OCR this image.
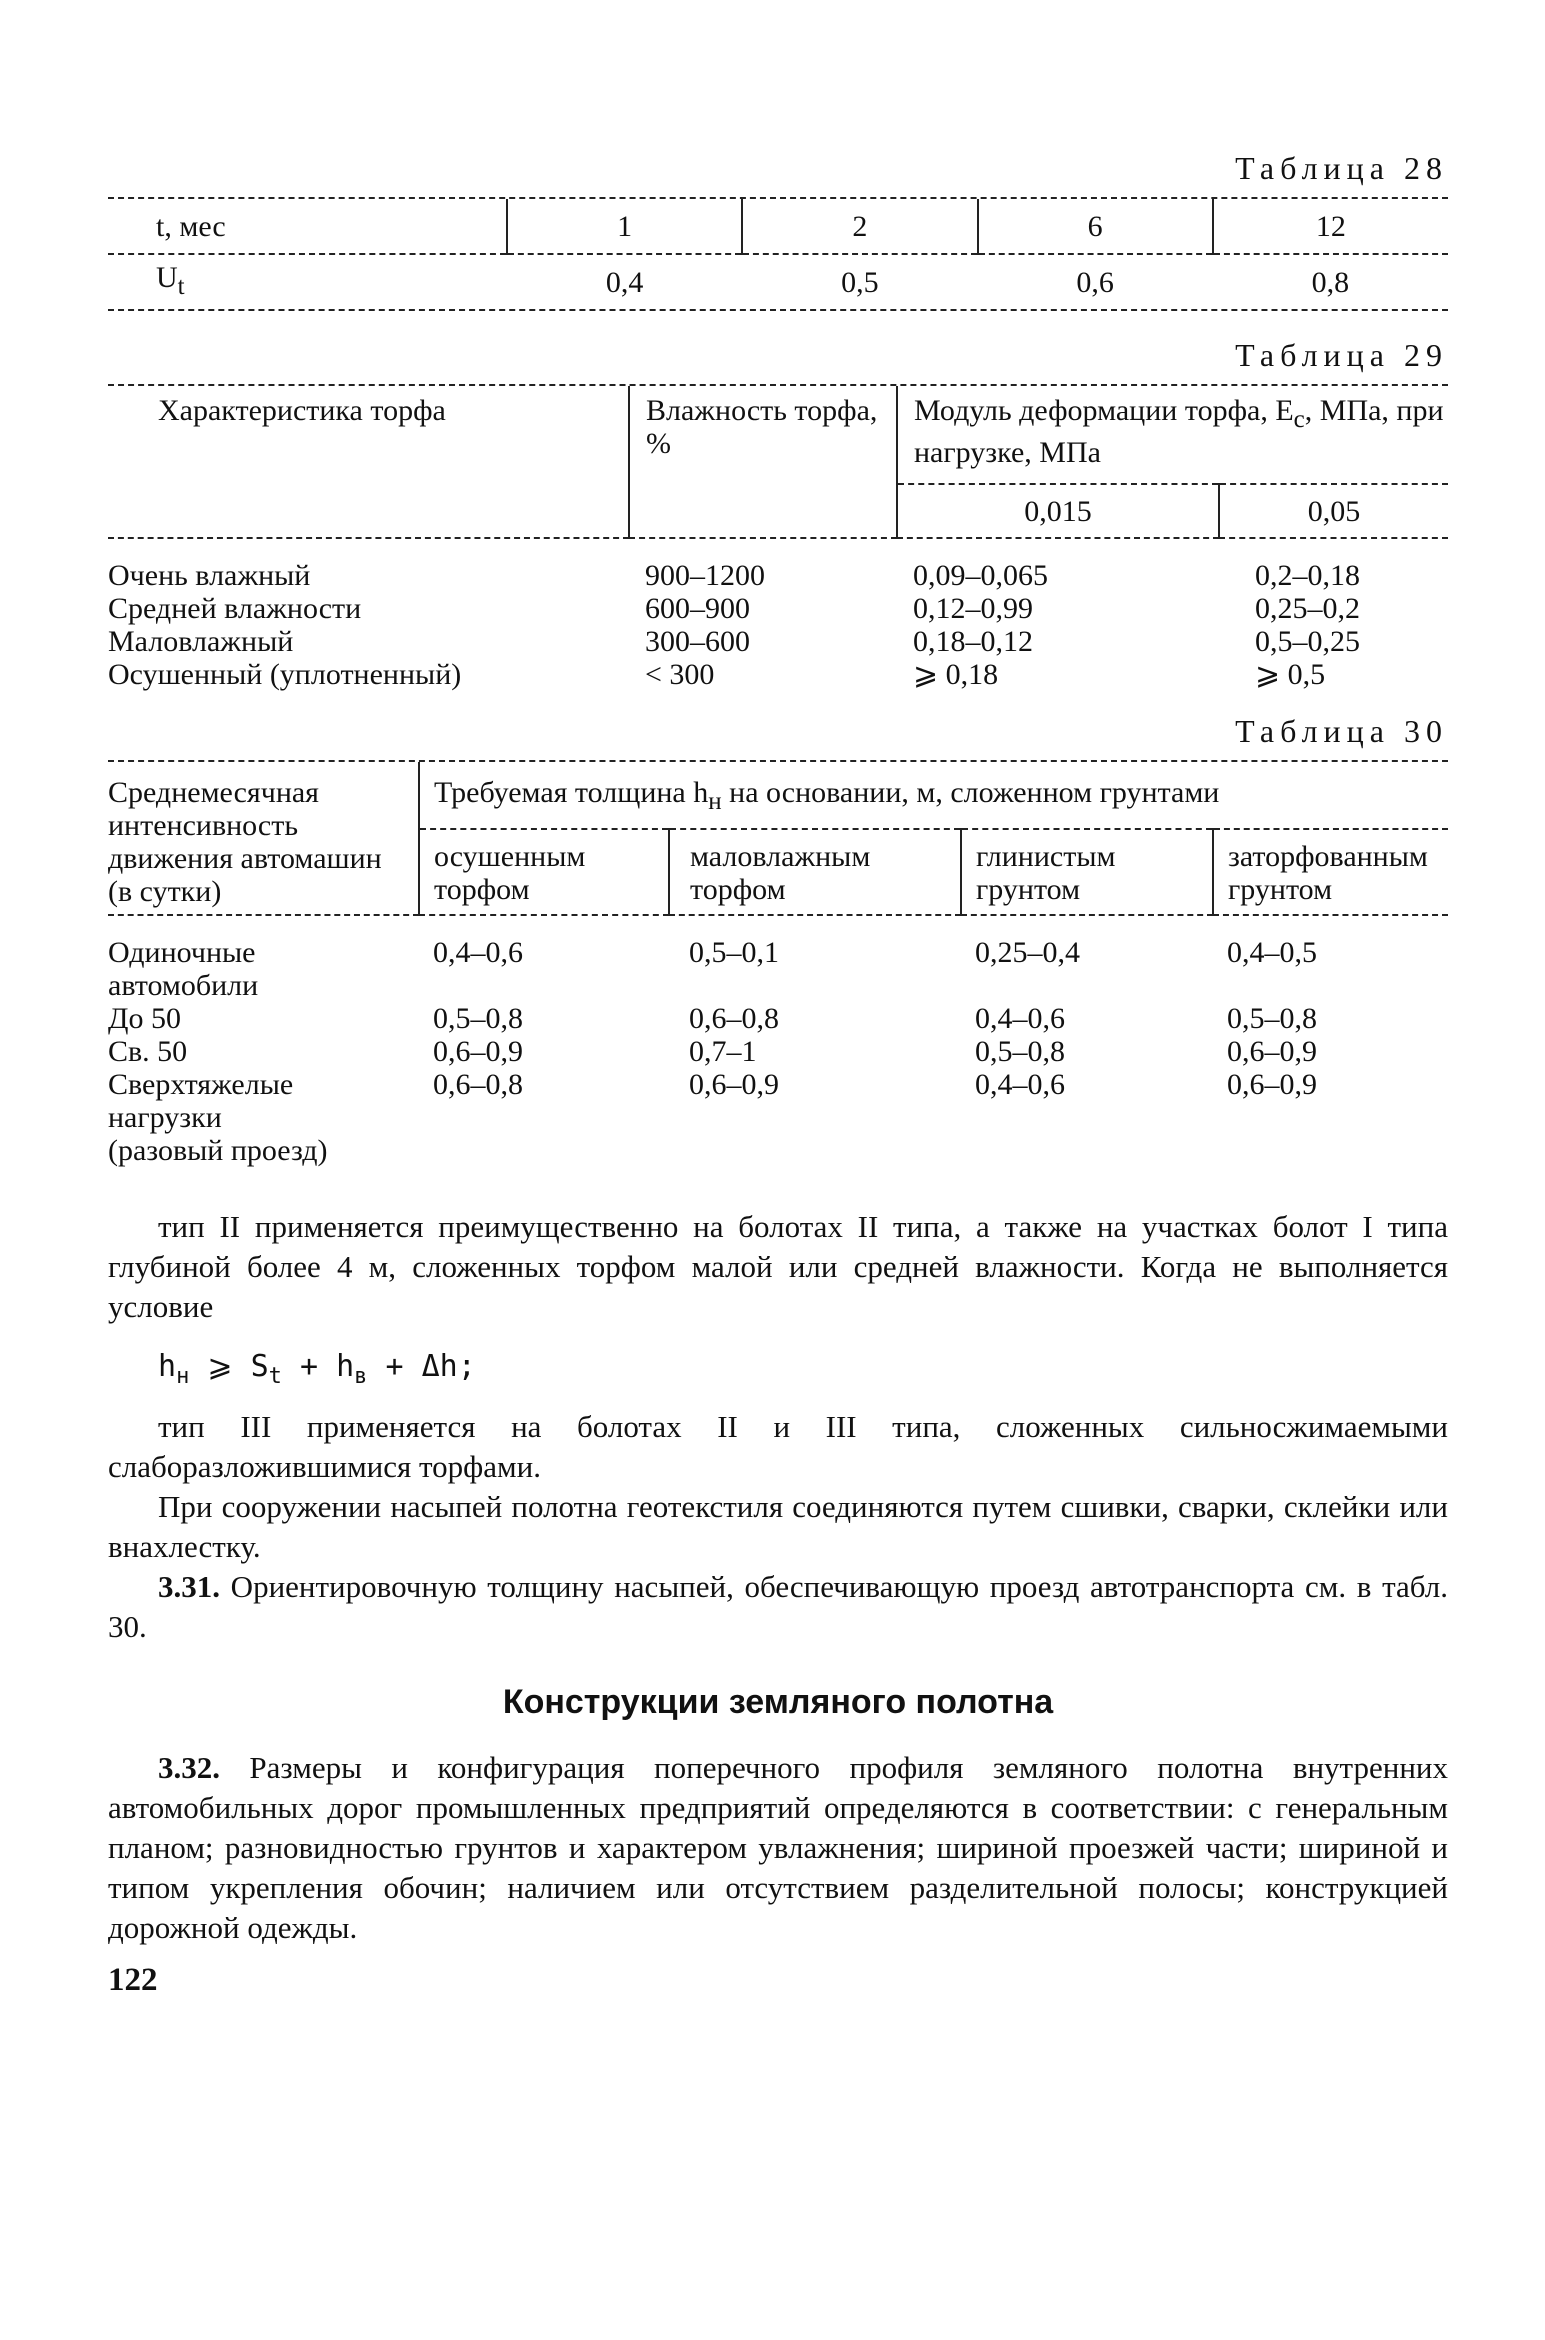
Таблица 28
t, мес	1	2	6	12
$U_t$	0,4	0,5	0,6	0,8
Таблица 29
Характеристика торфа	Влажность торфа, %	Модуль деформации торфа, $E_c$, МПа, при нагрузке, МПа	
		0,015	0,05

Очень влажный	900–1200	0,09–0,065	0,2–0,18
Средней влажности	600–900	0,12–0,99	0,25–0,2
Маловлажный	300–600	0,18–0,12	0,5–0,25
Осушенный (уплотненный)	< 300	⩾ 0,18	⩾ 0,5
Таблица 30
Среднемесячная интенсивность движения автомашин (в сутки)	Требуемая толщина $h_н$ на основании, м, сложенном грунтами			
	осушенным торфом	маловлажным торфом	глинистым грунтом	заторфованным грунтом

Одиночные автомобили	0,4–0,6	0,5–0,1	0,25–0,4	0,4–0,5
До 50	0,5–0,8	0,6–0,8	0,4–0,6	0,5–0,8
Св. 50	0,6–0,9	0,7–1	0,5–0,8	0,6–0,9
Сверхтяжелые нагрузки (разовый проезд)	0,6–0,8	0,6–0,9	0,4–0,6	0,6–0,9

тип II применяется преимущественно на болотах II типа, а также на участках болот I типа глубиной более 4 м, сложенных торфом малой или средней влажности. Когда не выполняется условие

$h_н$ ⩾ $S_t + h_в + \Delta h$;

тип III применяется на болотах II и III типа, сложенных сильносжимаемыми слаборазложившимися торфами.

При сооружении насыпей полотна геотекстиля соединяются путем сшивки, сварки, склейки или внахлестку.

3.31. Ориентировочную толщину насыпей, обеспечивающую проезд автотранспорта см. в табл. 30.

Конструкции земляного полотна

3.32. Размеры и конфигурация поперечного профиля земляного полотна внутренних автомобильных дорог промышленных предприятий определяются в соответствии: с генеральным планом; разновидностью грунтов и характером увлажнения; шириной проезжей части; шириной и типом укрепления обочин; наличием или отсутствием разделительной полосы; конструкцией дорожной одежды.

122
